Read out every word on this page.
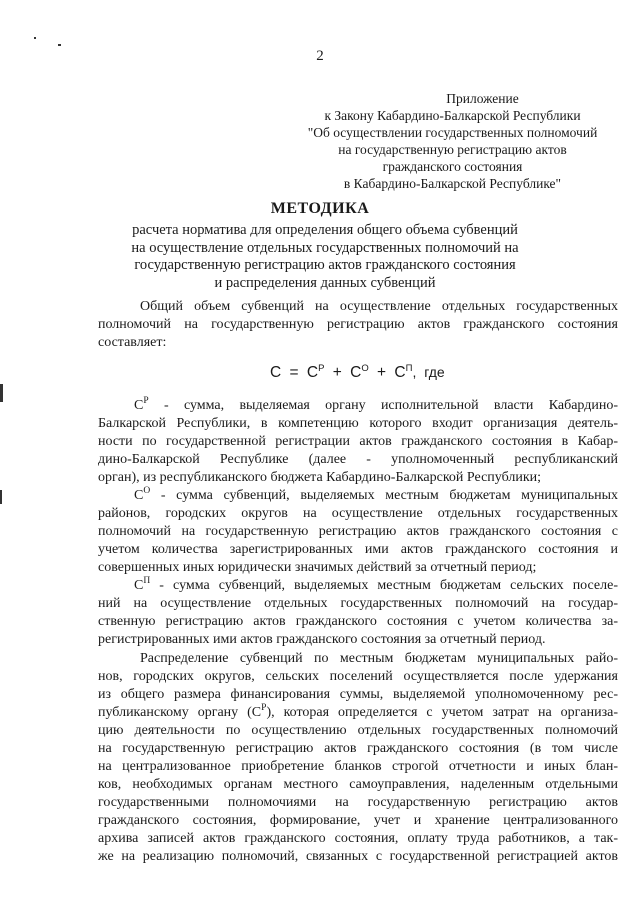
2
Приложение
к Закону Кабардино-Балкарской Республики
"Об осуществлении государственных полномочий
на государственную регистрацию актов
гражданского состояния
в Кабардино-Балкарской Республике"
МЕТОДИКА
расчета норматива для определения общего объема субвенций
на осуществление отдельных государственных полномочий на
государственную регистрацию актов гражданского состояния
и распределения данных субвенций
Общий объем субвенций на осуществление отдельных государственных
полномочий на государственную регистрацию актов гражданского состояния
составляет:
$С = С^Р + С^О + С^П$, где
$С^Р$ - сумма, выделяемая органу исполнительной власти Кабардино-
Балкарской Республики, в компетенцию которого входит организация деятель-
ности по государственной регистрации актов гражданского состояния в Кабар-
дино-Балкарской Республике (далее - уполномоченный республиканский
орган), из республиканского бюджета Кабардино-Балкарской Республики;
$С^О$ - сумма субвенций, выделяемых местным бюджетам муниципальных
районов, городских округов на осуществление отдельных государственных
полномочий на государственную регистрацию актов гражданского состояния с
учетом количества зарегистрированных ими актов гражданского состояния и
совершенных иных юридически значимых действий за отчетный период;
$С^П$ - сумма субвенций, выделяемых местным бюджетам сельских поселе-
ний на осуществление отдельных государственных полномочий на государ-
ственную регистрацию актов гражданского состояния с учетом количества за-
регистрированных ими актов гражданского состояния за отчетный период.
Распределение субвенций по местным бюджетам муниципальных райо-
нов, городских округов, сельских поселений осуществляется после удержания
из общего размера финансирования суммы, выделяемой уполномоченному рес-
публиканскому органу $(С^Р)$, которая определяется с учетом затрат на организа-
цию деятельности по осуществлению отдельных государственных полномочий
на государственную регистрацию актов гражданского состояния (в том числе
на централизованное приобретение бланков строгой отчетности и иных блан-
ков, необходимых органам местного самоуправления, наделенным отдельными
государственными полномочиями на государственную регистрацию актов
гражданского состояния, формирование, учет и хранение централизованного
архива записей актов гражданского состояния, оплату труда работников, а так-
же на реализацию полномочий, связанных с государственной регистрацией актов
